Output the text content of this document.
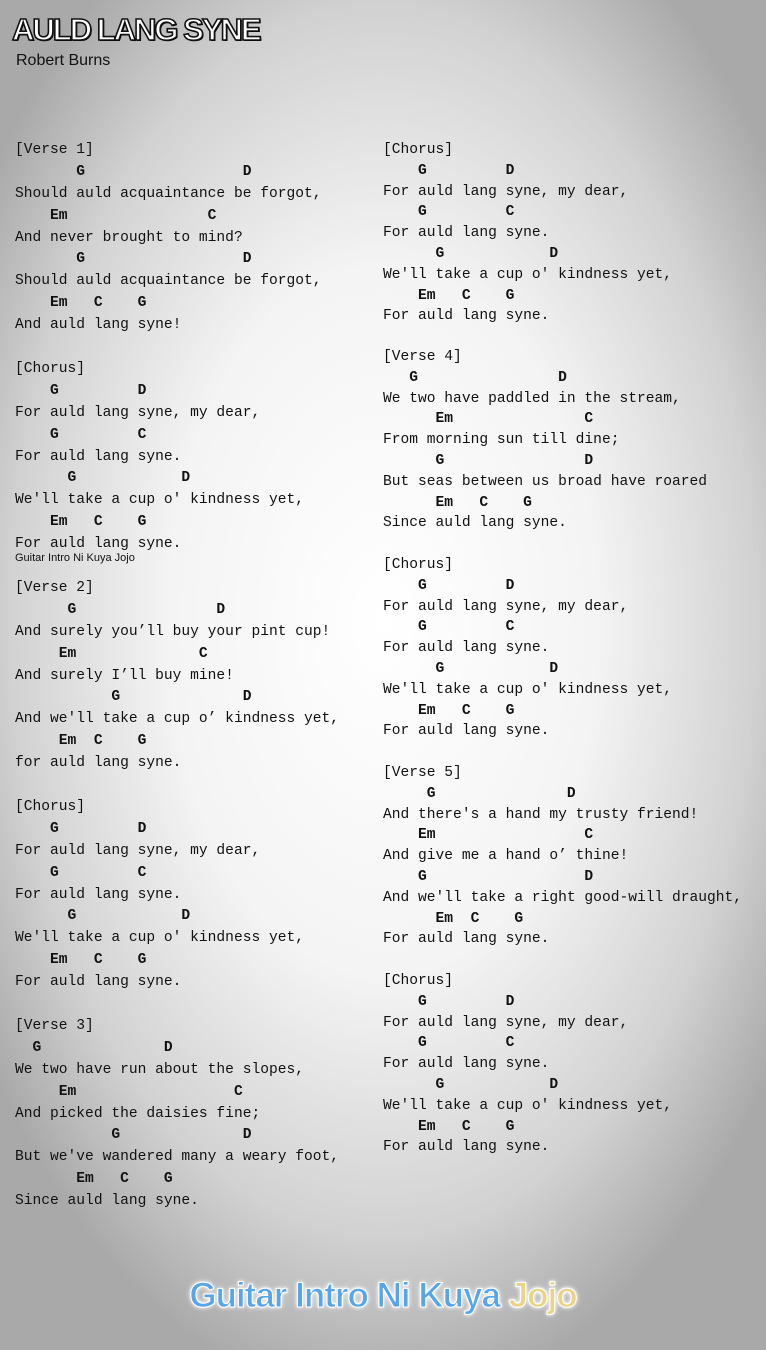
AULD LANG SYNE
Robert Burns
[Verse 1]
G                  D
Should auld acquaintance be forgot,
Em                C
And never brought to mind?
G                  D
Should auld acquaintance be forgot,
Em   C    G
And auld lang syne!
[Chorus]
G         D
For auld lang syne, my dear,
G         C
For auld lang syne.
G            D
We'll take a cup o' kindness yet,
Em   C    G
For auld lang syne.
[Verse 2]
G                D
And surely you’ll buy your pint cup!
Em              C
And surely I’ll buy mine!
G              D
And we'll take a cup o’ kindness yet,
Em  C    G
for auld lang syne.
[Chorus]
G         D
For auld lang syne, my dear,
G         C
For auld lang syne.
G            D
We'll take a cup o' kindness yet,
Em   C    G
For auld lang syne.
[Verse 3]
G              D
We two have run about the slopes,
Em                  C
And picked the daisies fine;
G              D
But we've wandered many a weary foot,
Em   C    G
Since auld lang syne.
Guitar Intro Ni Kuya Jojo
[Chorus]
G         D
For auld lang syne, my dear,
G         C
For auld lang syne.
G            D
We'll take a cup o' kindness yet,
Em   C    G
For auld lang syne.
[Verse 4]
G                D
We two have paddled in the stream,
Em               C
From morning sun till dine;
G                D
But seas between us broad have roared
Em   C    G
Since auld lang syne.
[Chorus]
G         D
For auld lang syne, my dear,
G         C
For auld lang syne.
G            D
We'll take a cup o' kindness yet,
Em   C    G
For auld lang syne.
[Verse 5]
G               D
And there's a hand my trusty friend!
Em                 C
And give me a hand o’ thine!
G                  D
And we'll take a right good-will draught,
Em  C    G
For auld lang syne.
[Chorus]
G         D
For auld lang syne, my dear,
G         C
For auld lang syne.
G            D
We'll take a cup o' kindness yet,
Em   C    G
For auld lang syne.
Guitar Intro Ni Kuya Jojo
